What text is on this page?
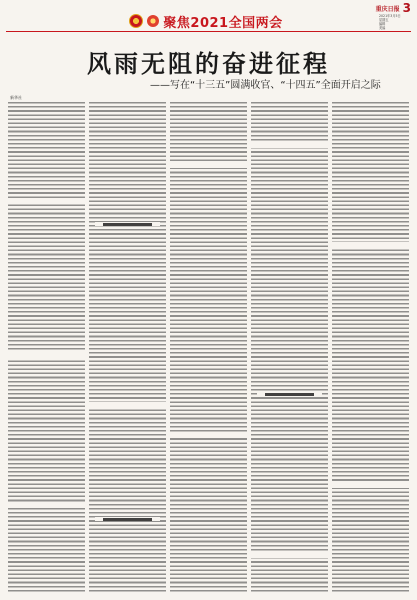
重庆日报 3
2021年3月5日
星期五
编辑
美编
聚焦2021全国两会
风雨无阻的奋进征程
——写在“十三五”圆满收官、“十四五”全面开启之际
新华社
